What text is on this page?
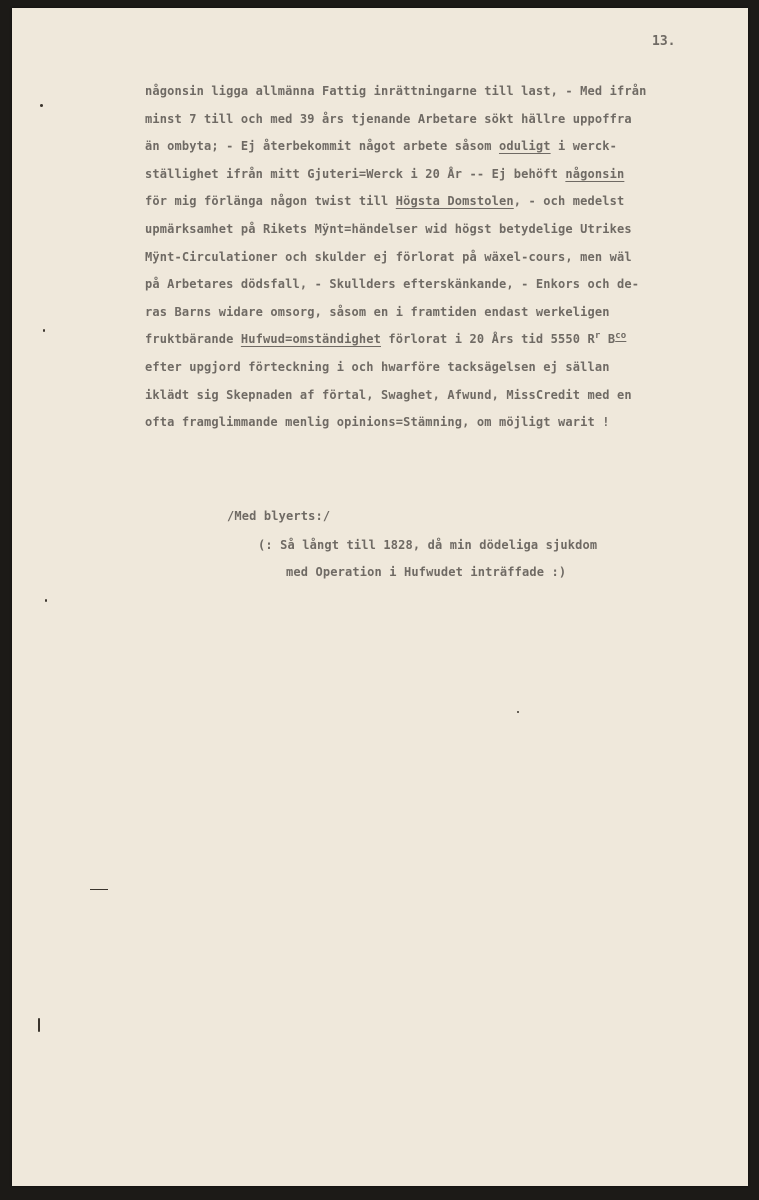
13.
någonsin ligga allmänna Fattig inrättningarne till last, - Med ifrån
minst 7 till och med 39 års tjenande Arbetare sökt hällre uppoffra
än ombyta; - Ej återbekommit något arbete såsom oduligt i werck-
ställighet ifrån mitt Gjuteri=Werck i 20 År -- Ej behöft någonsin
för mig förlänga någon twist till Högsta Domstolen, - och medelst
upmärksamhet på Rikets Mÿnt=händelser wid högst betydelige Utrikes
Mÿnt-Circulationer och skulder ej förlorat på wäxel-cours, men wäl
på Arbetares dödsfall, - Skullders efterskänkande, - Enkors och de-
ras Barns widare omsorg, såsom en i framtiden endast werkeligen
fruktbärande Hufwud=omständighet förlorat i 20 Års tid 5550 $R^r$ $B^{co}$
efter upgjord förteckning i och hwarföre tacksägelsen ej sällan
iklädt sig Skepnaden af förtal, Swaghet, Afwund, MissCredit med en
ofta framglimmande menlig opinions=Stämning, om möjligt warit !
/Med blyerts:/
(: Så långt till 1828, då min dödeliga sjukdom
med Operation i Hufwudet inträffade :)
